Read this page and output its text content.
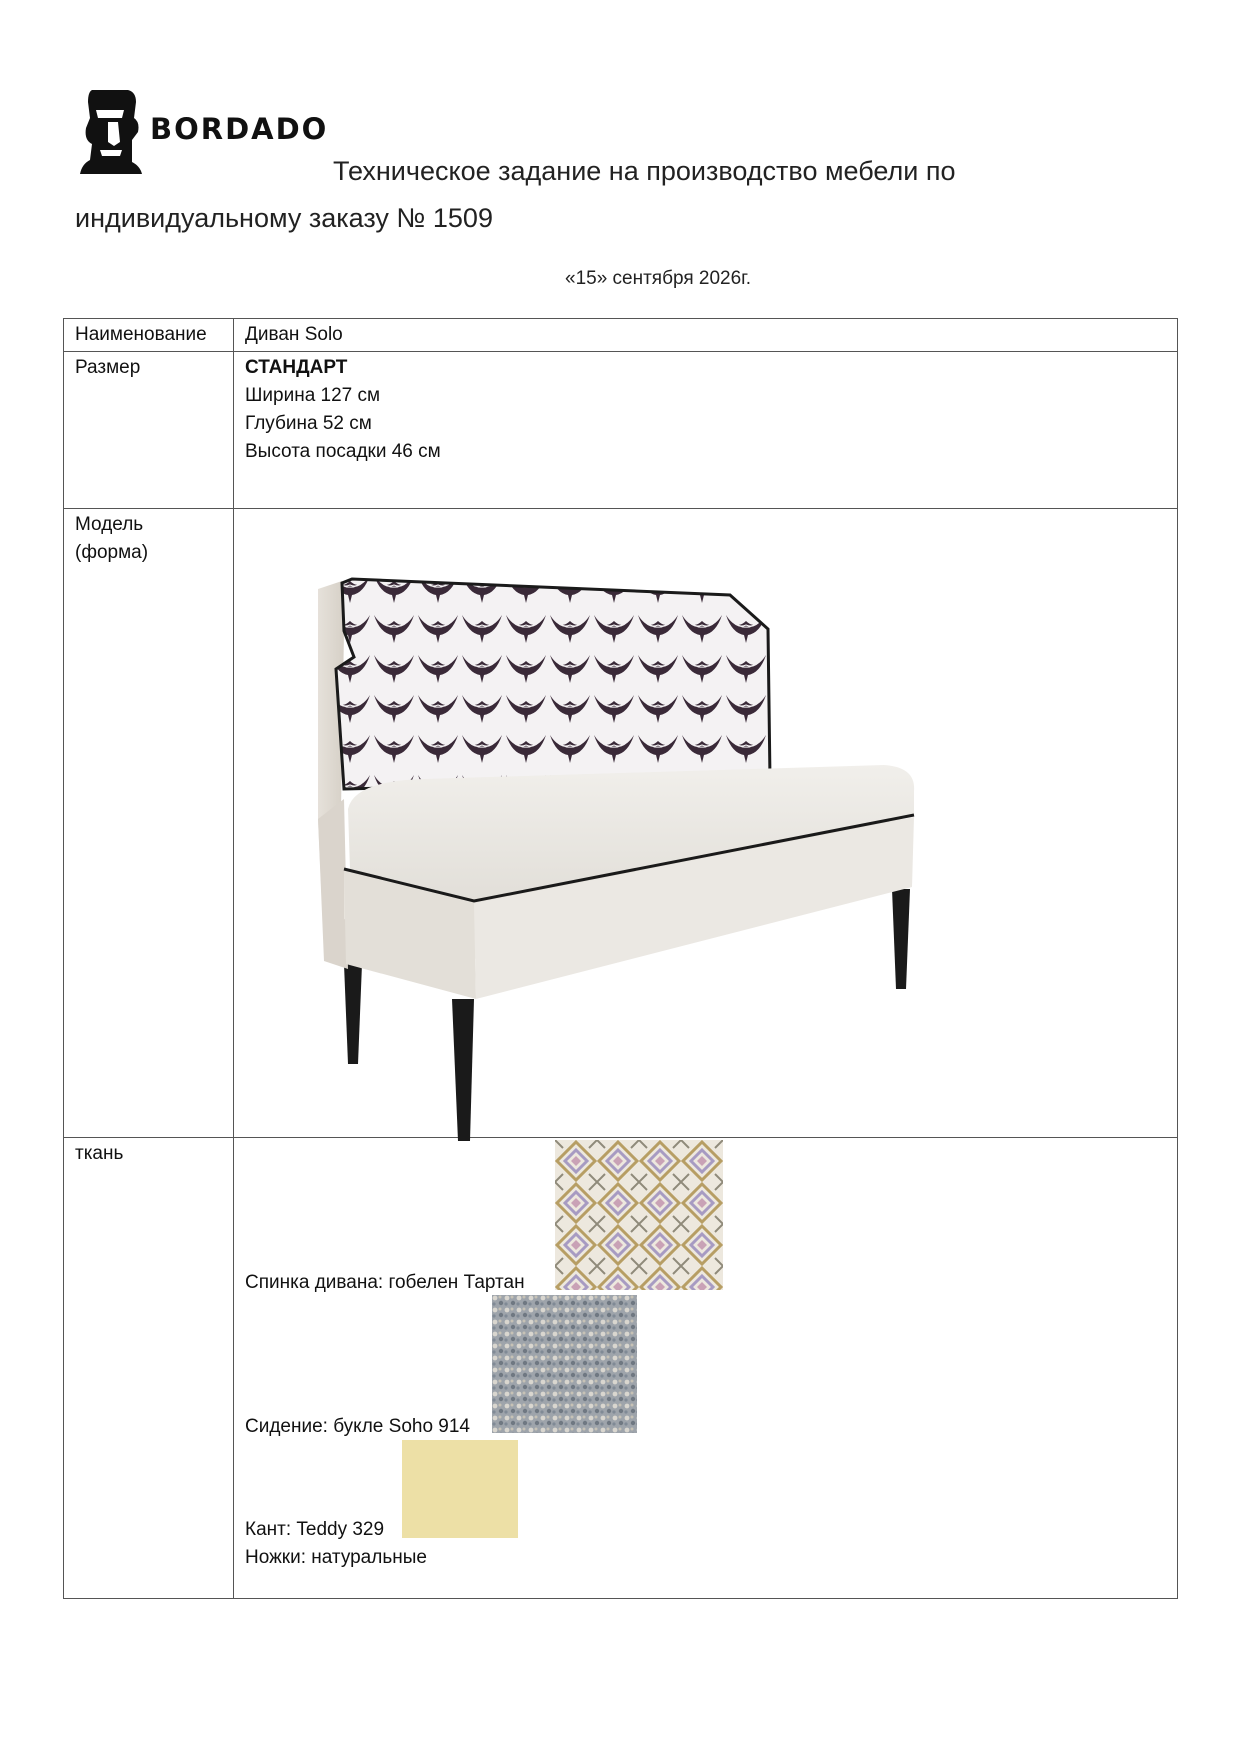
BORDADO
Техническое задание на производство мебели по
индивидуальному заказу № 1509
«15» сентября 2026г.
Наименование	Диван Solo
Размер	СТАНДАРТ
Ширина 127 см
Глубина 52 см
Высота посадки 46 см

Модель
(форма)

ткань	Спинка дивана: гобелен Тартан
Сидение: букле Soho 914
Кант: Teddy 329
Ножки: натуральные
